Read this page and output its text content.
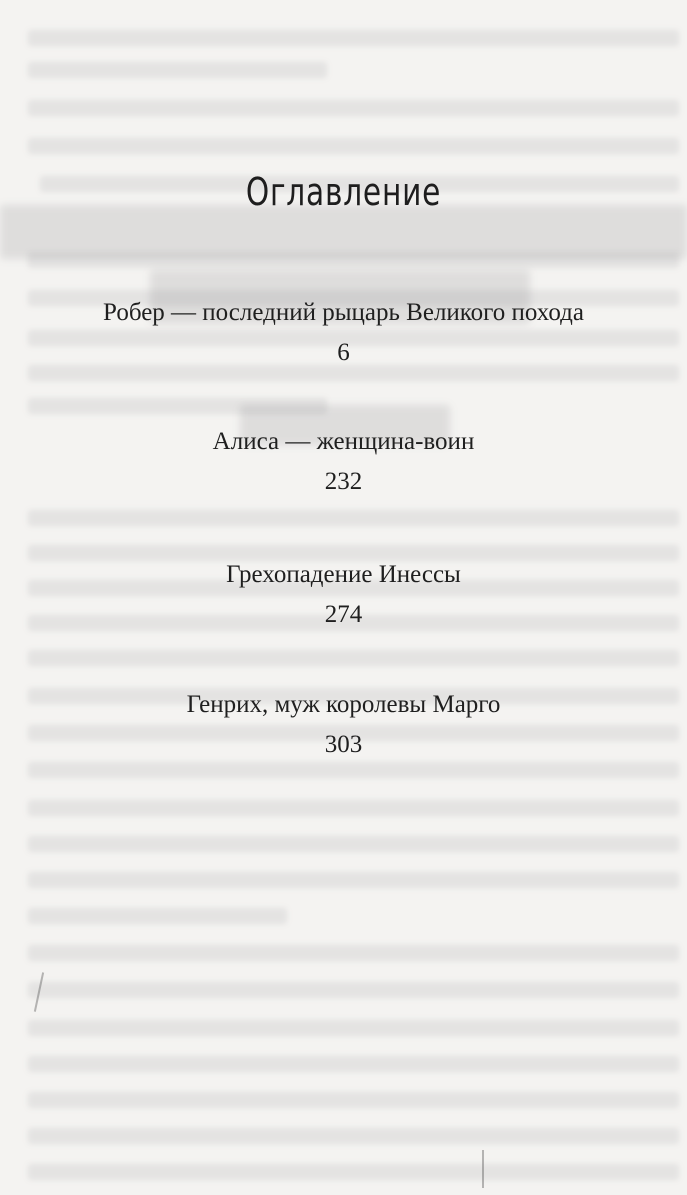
Оглавление
Робер — последний рыцарь Великого похода
6
Алиса — женщина-воин
232
Грехопадение Инессы
274
Генрих, муж королевы Марго
303
